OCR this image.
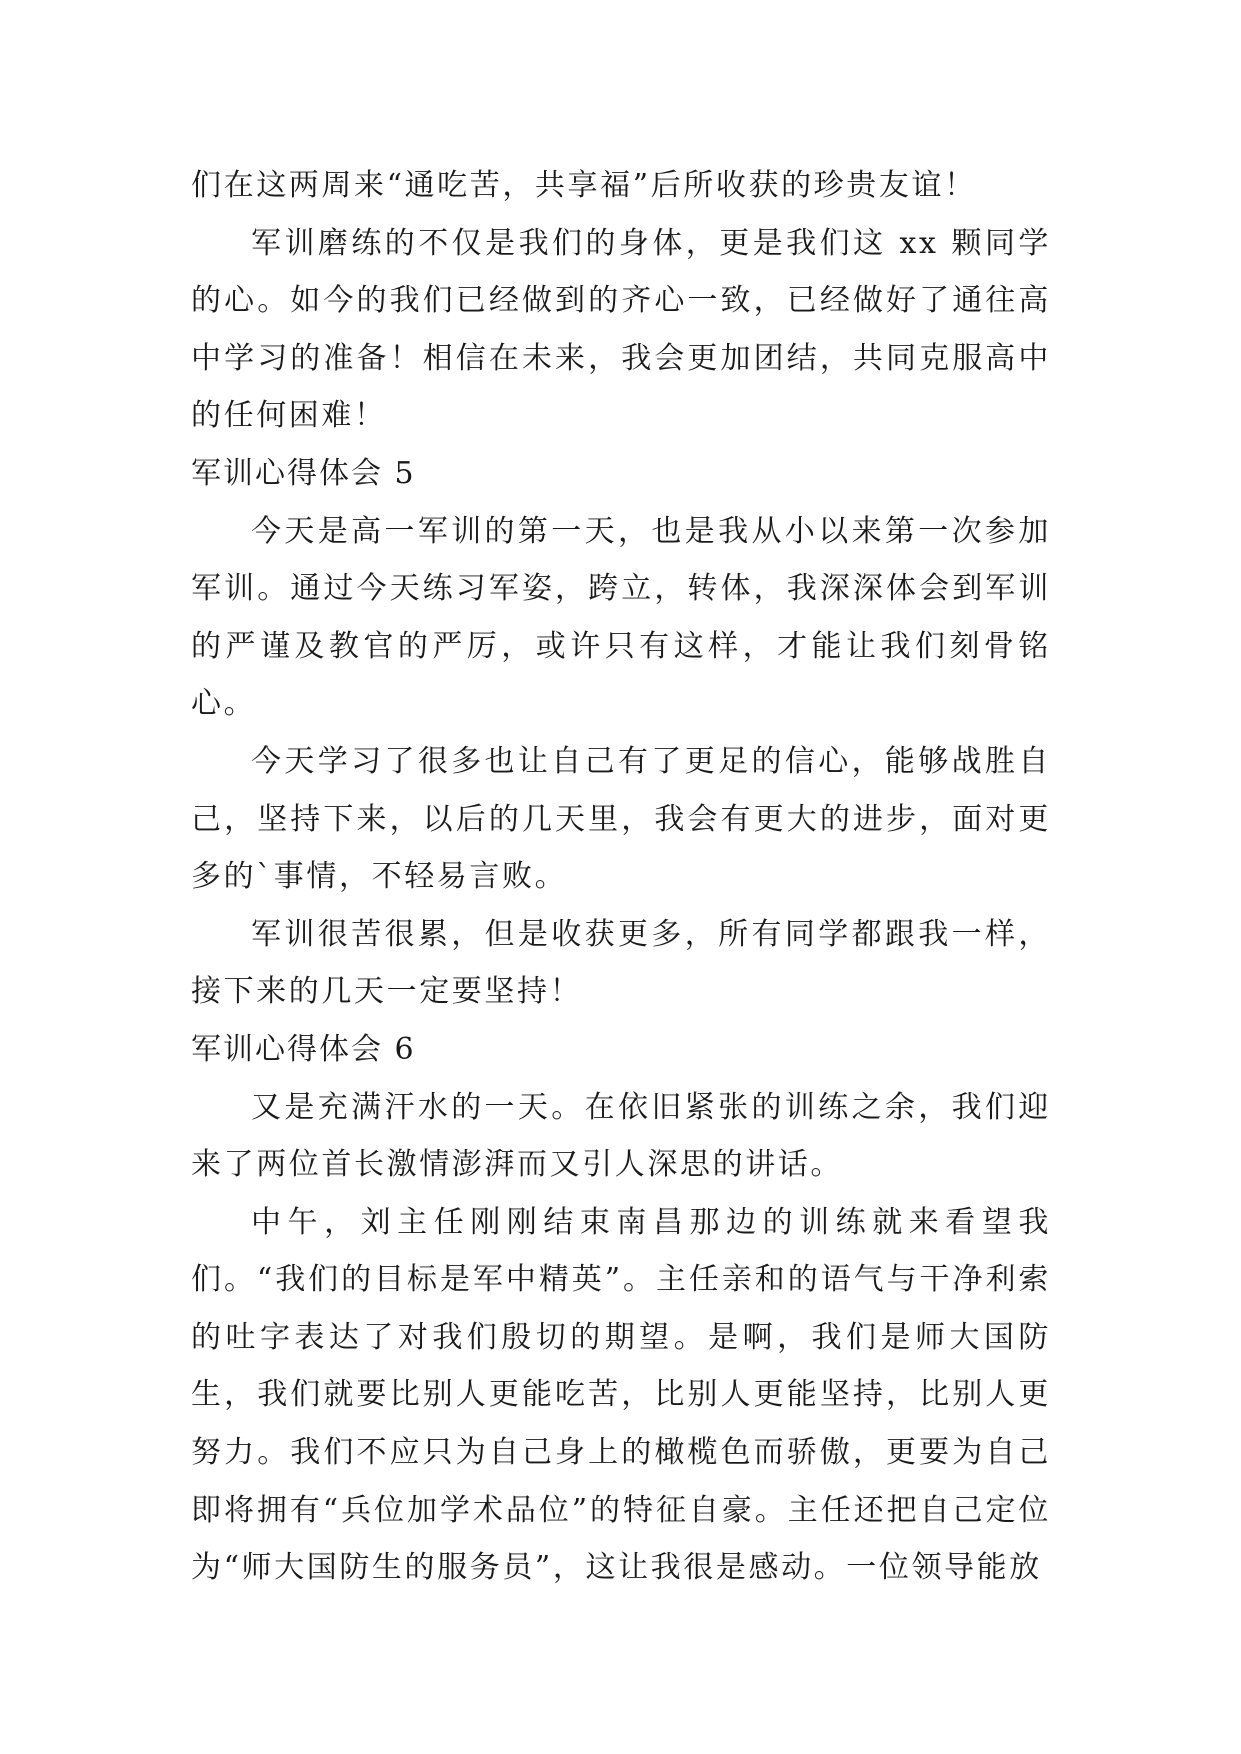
们在这两周来“通吃苦，共享福”后所收获的珍贵友谊！

军训磨练的不仅是我们的身体，更是我们这 xx 颗同学的心。如今的我们已经做到的齐心一致，已经做好了通往高中学习的准备！相信在未来，我会更加团结，共同克服高中的任何困难！

军训心得体会 5

今天是高一军训的第一天，也是我从小以来第一次参加军训。通过今天练习军姿，跨立，转体，我深深体会到军训的严谨及教官的严厉，或许只有这样，才能让我们刻骨铭心。

今天学习了很多也让自己有了更足的信心，能够战胜自己，坚持下来，以后的几天里，我会有更大的进步，面对更多的`事情，不轻易言败。

军训很苦很累，但是收获更多，所有同学都跟我一样，接下来的几天一定要坚持！

军训心得体会 6

又是充满汗水的一天。在依旧紧张的训练之余，我们迎来了两位首长激情澎湃而又引人深思的讲话。

中午，刘主任刚刚结束南昌那边的训练就来看望我们。“我们的目标是军中精英”。主任亲和的语气与干净利索的吐字表达了对我们殷切的期望。是啊，我们是师大国防生，我们就要比别人更能吃苦，比别人更能坚持，比别人更努力。我们不应只为自己身上的橄榄色而骄傲，更要为自己即将拥有“兵位加学术品位”的特征自豪。主任还把自己定位为“师大国防生的服务员”，这让我很是感动。一位领导能放
